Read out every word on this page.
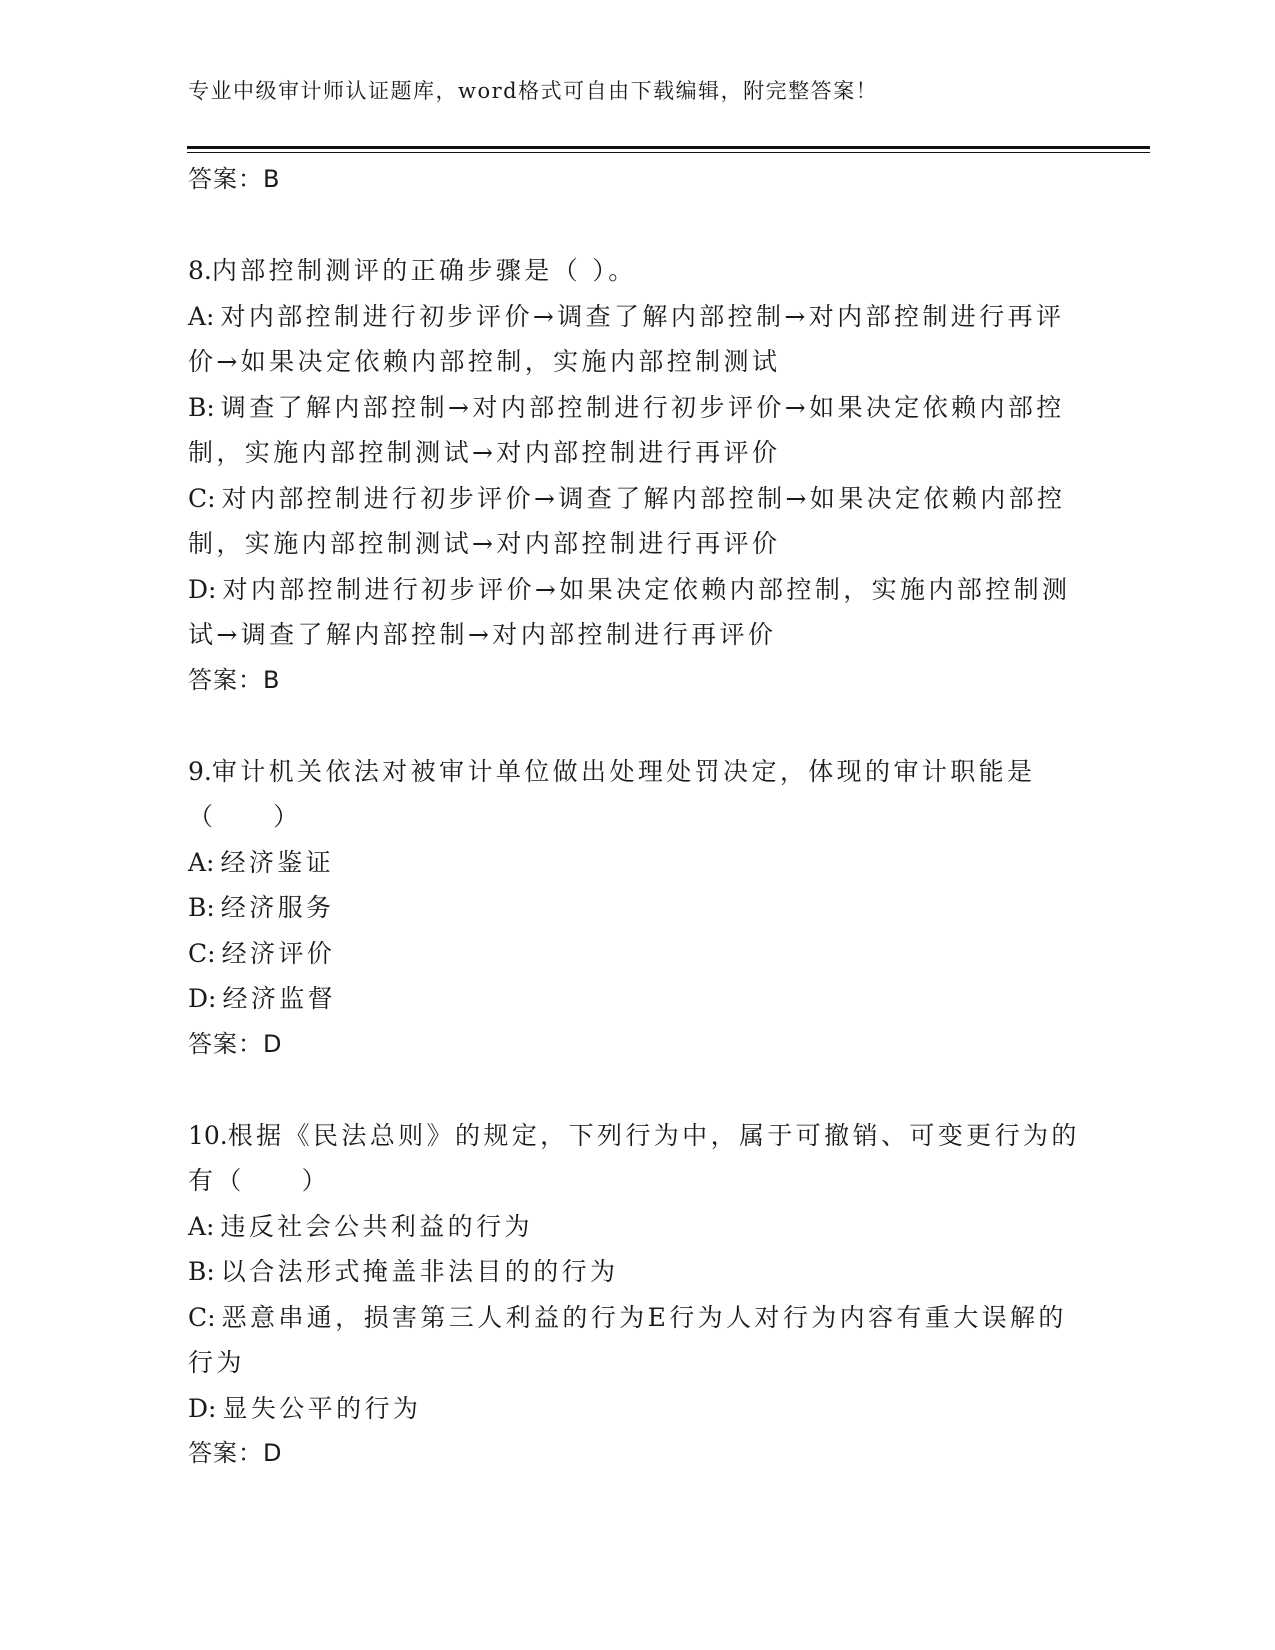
专业中级审计师认证题库，word格式可自由下载编辑，附完整答案！
答案：B
8.内部控制测评的正确步骤是（ ）。
A: 对内部控制进行初步评价→调查了解内部控制→对内部控制进行再评价→如果决定依赖内部控制，实施内部控制测试
B: 调查了解内部控制→对内部控制进行初步评价→如果决定依赖内部控制，实施内部控制测试→对内部控制进行再评价
C: 对内部控制进行初步评价→调查了解内部控制→如果决定依赖内部控制，实施内部控制测试→对内部控制进行再评价
D: 对内部控制进行初步评价→如果决定依赖内部控制，实施内部控制测试→调查了解内部控制→对内部控制进行再评价
答案：B
9.审计机关依法对被审计单位做出处理处罚决定，体现的审计职能是（　　）
A: 经济鉴证
B: 经济服务
C: 经济评价
D: 经济监督
答案：D
10.根据《民法总则》的规定，下列行为中，属于可撤销、可变更行为的有（　　）
A: 违反社会公共利益的行为
B: 以合法形式掩盖非法目的的行为
C: 恶意串通，损害第三人利益的行为E行为人对行为内容有重大误解的行为
D: 显失公平的行为
答案：D
